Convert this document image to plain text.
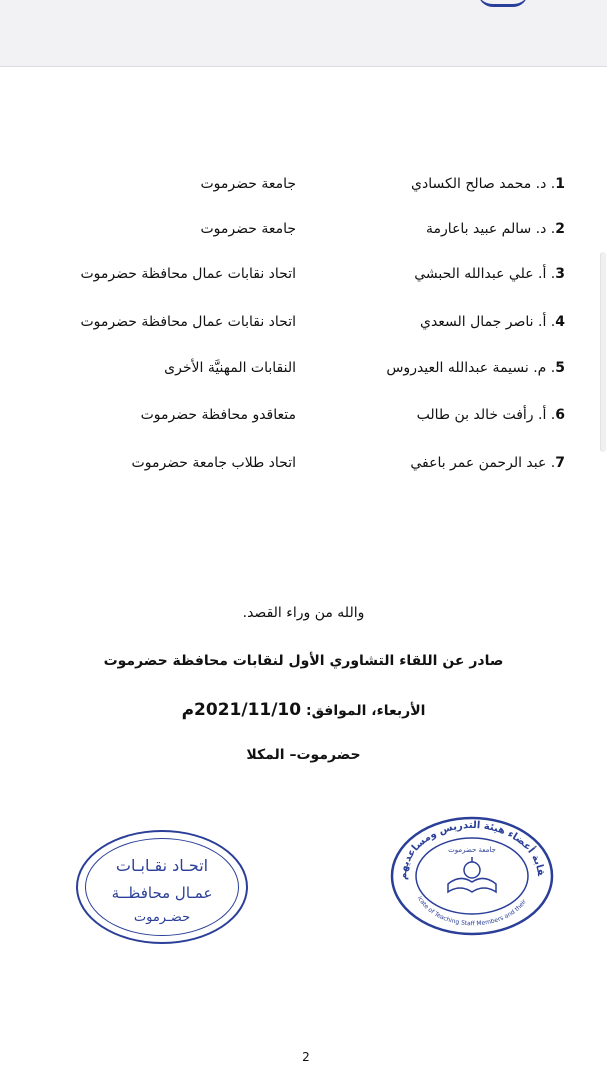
1. د. محمد صالح الكسادي
جامعة حضرموت
2. د. سالم عبيد باعارمة
جامعة حضرموت
3. أ. علي عبدالله الحبشي
اتحاد نقابات عمال محافظة حضرموت
4. أ. ناصر جمال السعدي
اتحاد نقابات عمال محافظة حضرموت
5. م. نسيمة عبدالله العيدروس
النقابات المهنيَّة الأخرى
6. أ. رأفت خالد بن طالب
متعاقدو محافظة حضرموت
7. عبد الرحمن عمر باعفي
اتحاد طلاب جامعة حضرموت
والله من وراء القصد.
صادر عن اللقاء التشاوري الأول لنقابات محافظة حضرموت
الأربعاء، الموافق: 2021/11/10م
حضرموت– المكلا
اتحـاد نقـابـات
عمـال محافظــة
حضـرموت
قابة أعضاء هيئة التدريس ومساعديهم
icate of Teaching Staff Members and their
جامعة حضرموت
2
